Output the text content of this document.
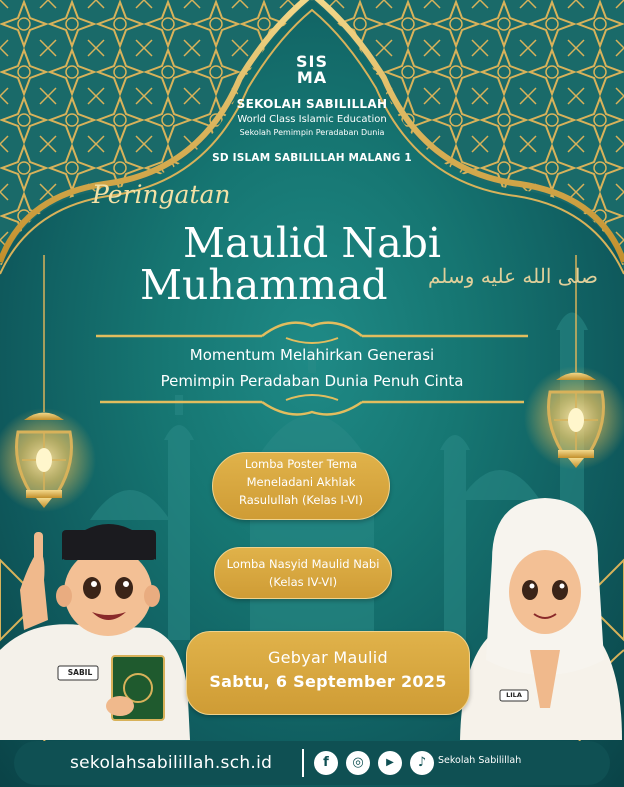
SIS
MA
SEKOLAH SABILILLAH
World Class Islamic Education
Sekolah Pemimpin Peradaban Dunia
SD ISLAM SABILILLAH MALANG 1
Peringatan
Maulid Nabi
Muhammad صلى الله عليه وسلم
Momentum Melahirkan Generasi
Pemimpin Peradaban Dunia Penuh Cinta
Lomba Poster Tema
Meneladani Akhlak
Rasulullah (Kelas I-VI)
Lomba Nasyid Maulid Nabi
(Kelas IV-VI)
Gebyar Maulid
Sabtu, 6 September 2025
SABIL
LILA
sekolahsabilillah.sch.id	f	◎	▶	♪	Sekolah Sabilillah
